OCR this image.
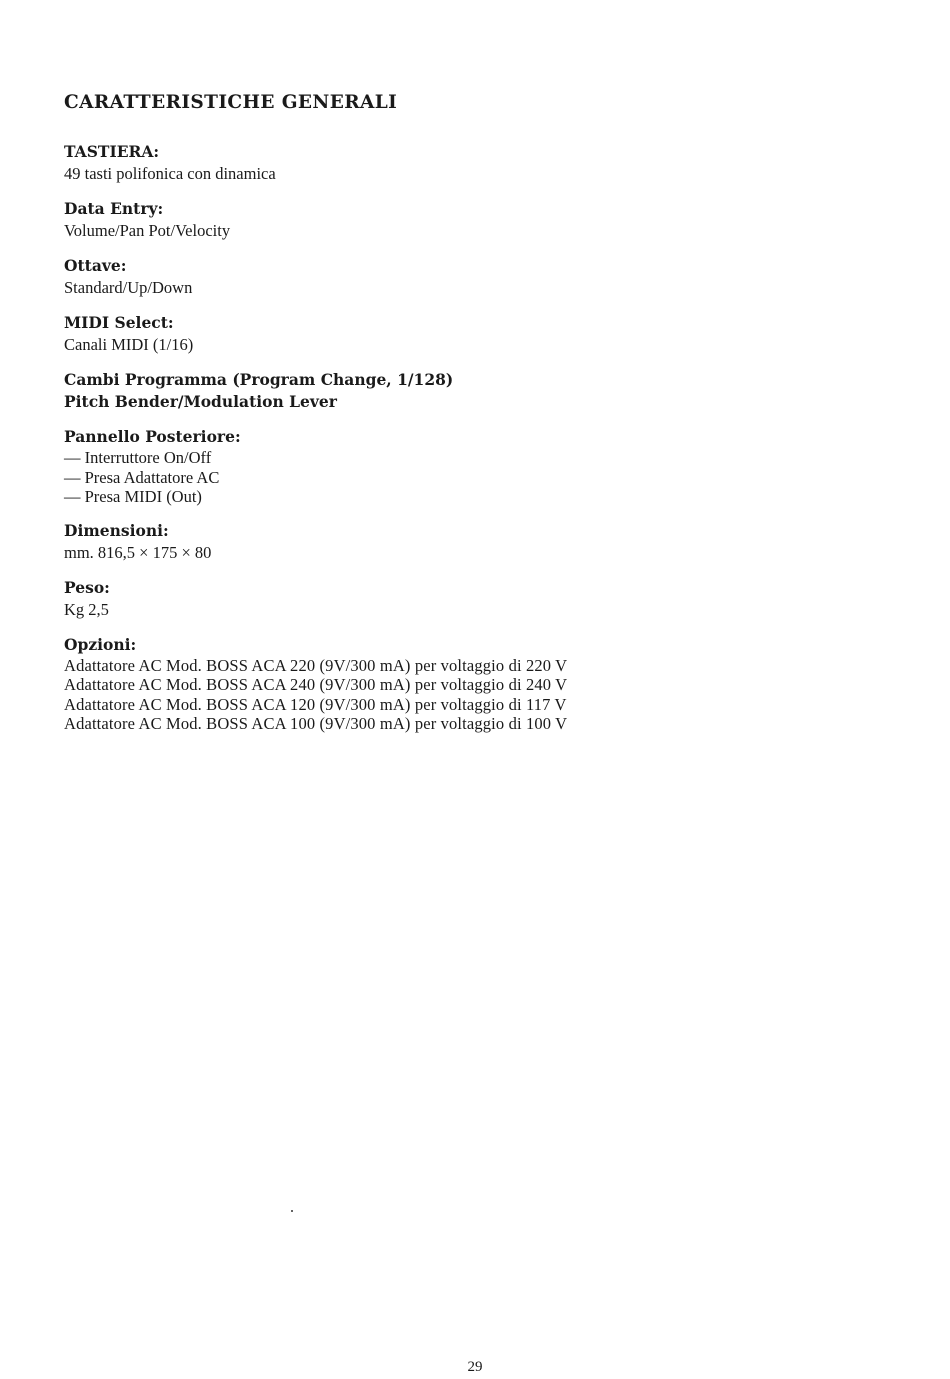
CARATTERISTICHE GENERALI

TASTIERA:

49 tasti polifonica con dinamica

Data Entry:

Volume/Pan Pot/Velocity

Ottave:

Standard/Up/Down

MIDI Select:

Canali MIDI (1/16)

Cambi Programma (Program Change, 1/128)

Pitch Bender/Modulation Lever

Pannello Posteriore:

— Interruttore On/Off

— Presa Adattatore AC

— Presa MIDI (Out)

Dimensioni:

mm. 816,5 × 175 × 80

Peso:

Kg 2,5

Opzioni:

Adattatore AC Mod. BOSS ACA 220 (9V/300 mA) per voltaggio di 220 V

Adattatore AC Mod. BOSS ACA 240 (9V/300 mA) per voltaggio di 240 V

Adattatore AC Mod. BOSS ACA 120 (9V/300 mA) per voltaggio di 117 V

Adattatore AC Mod. BOSS ACA 100 (9V/300 mA) per voltaggio di 100 V

29
